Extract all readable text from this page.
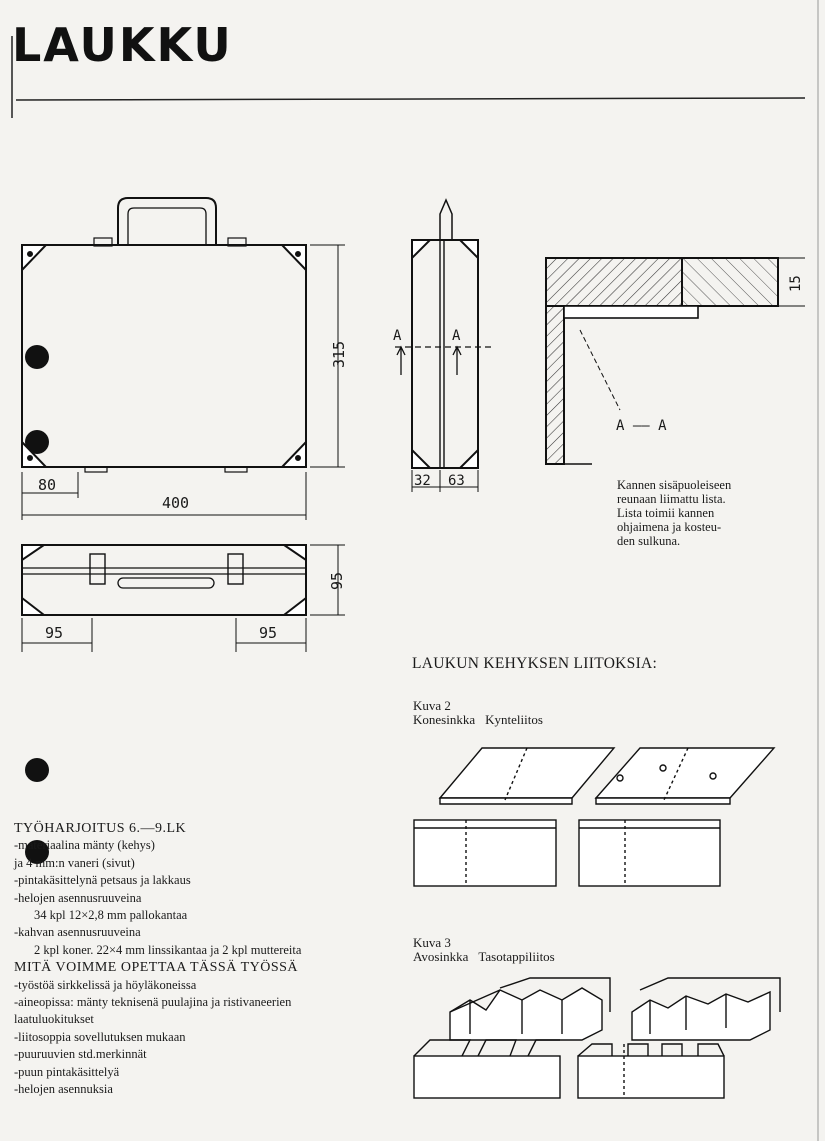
LAUKKU
315
80
400
95
95	95
A	A
32 63
15
A —— A
Kannen sisäpuoleiseen
reunaan liimattu lista.
Lista toimii kannen
ohjaimena ja kosteu-
den sulkuna.
LAUKUN KEHYKSEN LIITOKSIA:
Kuva 2
Konesinkka Kynteliitos
Kuva 3
Avosinkka Tasotappiliitos
TYÖHARJOITUS 6.—9.LK
-materiaalina mänty (kehys)
ja 4 mm:n vaneri (sivut)
-pintakäsittelynä petsaus ja lakkaus
-helojen asennusruuveina
34 kpl 12×2,8 mm pallokantaa
-kahvan asennusruuveina
2 kpl koner. 22×4 mm linssikantaa ja 2 kpl muttereita
MITÄ VOIMME OPETTAA TÄSSÄ TYÖSSÄ
-työstöä sirkkelissä ja höyläkoneissa
-aineopissa: mänty teknisenä puulajina ja ristivaneerien
laatuluokitukset
-liitosoppia sovellutuksen mukaan
-puuruuvien std.merkinnät
-puun pintakäsittelyä
-helojen asennuksia
